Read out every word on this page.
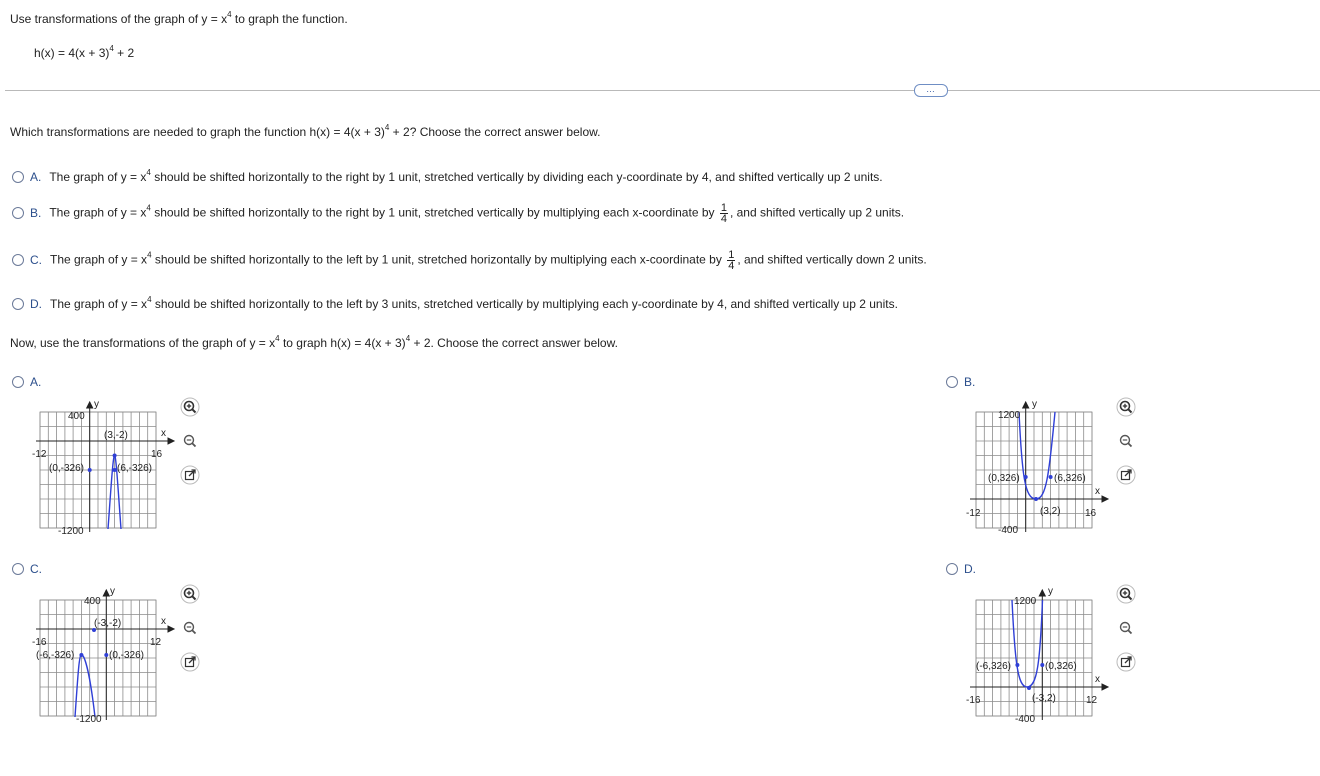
Use transformations of the graph of $y = x^4$ to graph the function.
$h(x) = 4(x + 3)^4 + 2$
…
Which transformations are needed to graph the function $h(x) = 4(x + 3)^4 + 2$? Choose the correct answer below.
A. The graph of $y = x^4$ should be shifted horizontally to the right by 1 unit, stretched vertically by dividing each y-coordinate by 4, and shifted vertically up 2 units.
B. The graph of $y = x^4$ should be shifted horizontally to the right by 1 unit, stretched vertically by multiplying each x-coordinate by $\frac{1}{4}$ , and shifted vertically up 2 units.
C. The graph of $y = x^4$ should be shifted horizontally to the left by 1 unit, stretched horizontally by multiplying each x-coordinate by $\frac{1}{4}$ , and shifted vertically down 2 units.
D. The graph of $y = x^4$ should be shifted horizontally to the left by 3 units, stretched vertically by multiplying each y-coordinate by 4, and shifted vertically up 2 units.
Now, use the transformations of the graph of $y = x^4$ to graph $h(x) = 4(x + 3)^4 + 2$. Choose the correct answer below.
A.	B.
C.	D.
400
-1200
-12	16
y
x
(3,-2)
(0,-326)	(6,-326)
1200
-400
-12	16
y
x
(3,2)
(0,326)	(6,326)
400
-1200
-16	12
y
x
(-3,-2)
(-6,-326)	(0,-326)
1200
-400
-16	12
y
x
(-3,2)
(-6,326)	(0,326)
